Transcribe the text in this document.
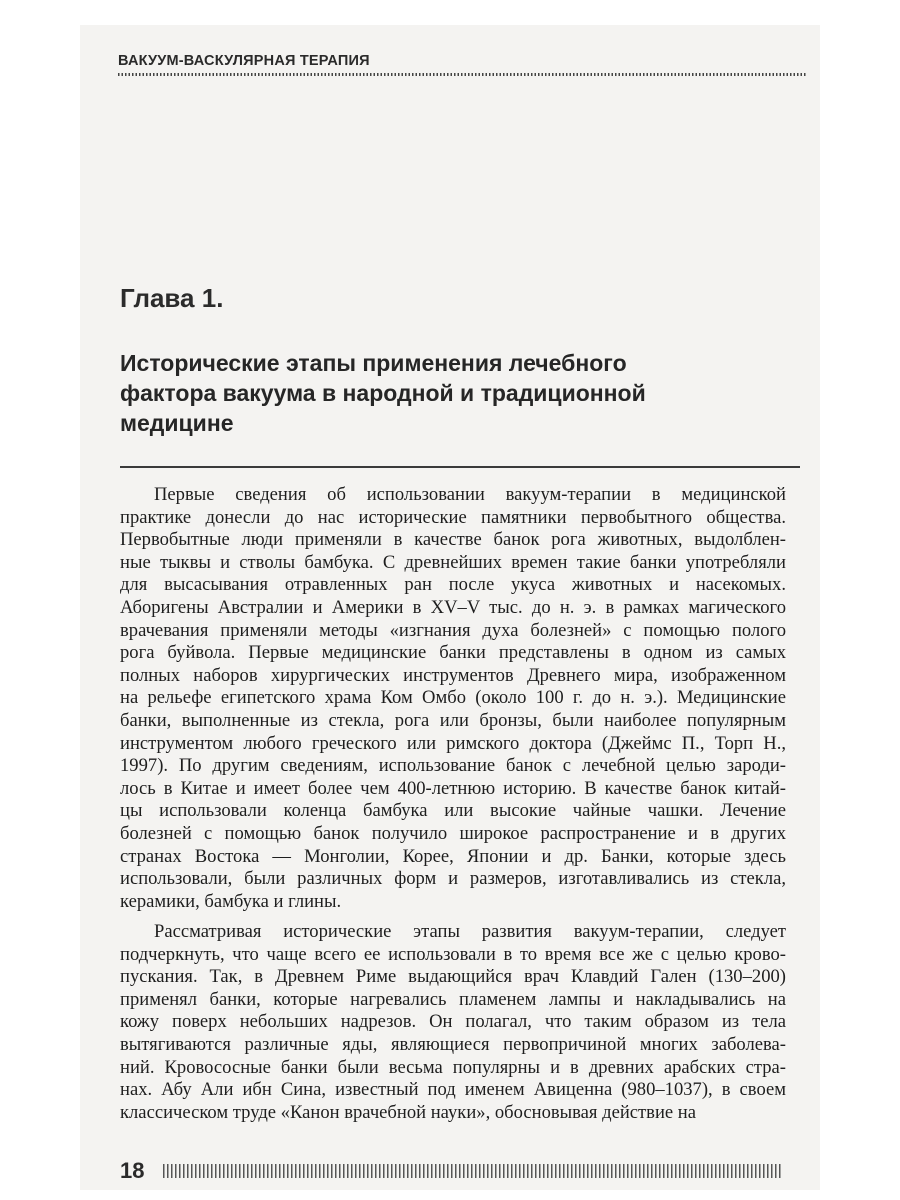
ВАКУУМ-ВАСКУЛЯРНАЯ ТЕРАПИЯ
Глава 1.
Исторические этапы применения лечебного
фактора вакуума в народной и традиционной
медицине
Первые сведения об использовании вакуум-терапии в медицинской
практике донесли до нас исторические памятники первобытного общества.
Первобытные люди применяли в качестве банок рога животных, выдолблен-
ные тыквы и стволы бамбука. С древнейших времен такие банки употребляли
для высасывания отравленных ран после укуса животных и насекомых.
Аборигены Австралии и Америки в XV–V тыс. до н. э. в рамках магического
врачевания применяли методы «изгнания духа болезней» с помощью полого
рога буйвола. Первые медицинские банки представлены в одном из самых
полных наборов хирургических инструментов Древнего мира, изображенном
на рельефе египетского храма Ком Омбо (около 100 г. до н. э.). Медицинские
банки, выполненные из стекла, рога или бронзы, были наиболее популярным
инструментом любого греческого или римского доктора (Джеймс П., Торп Н.,
1997). По другим сведениям, использование банок с лечебной целью зароди-
лось в Китае и имеет более чем 400-летнюю историю. В качестве банок китай-
цы использовали коленца бамбука или высокие чайные чашки. Лечение
болезней с помощью банок получило широкое распространение и в других
странах Востока — Монголии, Корее, Японии и др. Банки, которые здесь
использовали, были различных форм и размеров, изготавливались из стекла,
керамики, бамбука и глины.
Рассматривая исторические этапы развития вакуум-терапии, следует
подчеркнуть, что чаще всего ее использовали в то время все же с целью крово-
пускания. Так, в Древнем Риме выдающийся врач Клавдий Гален (130–200)
применял банки, которые нагревались пламенем лампы и накладывались на
кожу поверх небольших надрезов. Он полагал, что таким образом из тела
вытягиваются различные яды, являющиеся первопричиной многих заболева-
ний. Кровососные банки были весьма популярны и в древних арабских стра-
нах. Абу Али ибн Сина, известный под именем Авиценна (980–1037), в своем
классическом труде «Канон врачебной науки», обосновывая действие на
18
